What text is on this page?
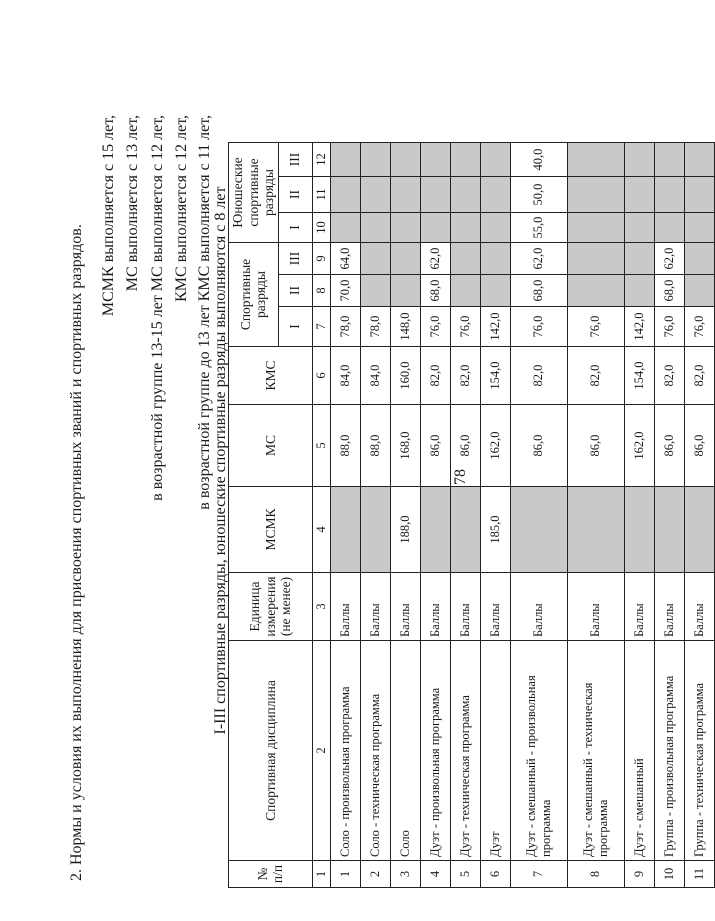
78
2. Нормы и условия их выполнения для присвоения спортивных званий и спортивных разрядов.
МСМК выполняется с 15 лет, МС выполняется с 13 лет, в возрастной группе 13-15 лет МС выполняется с 12 лет, КМС выполняется с 12 лет, в возрастной группе до 13 лет КМС выполняется с 11 лет, I-III спортивные разряды, юношеские спортивные разряды выполняются с 8 лет
№ п/п	Спортивная дисциплина	Единица измерения (не менее)	МСМК	МС	КМС	Спортивные разряды			Юношеские спортивные разряды		
						I	II	III	I	II	III
1	2	3	4	5	6	7	8	9	10	11	12
1	Соло - произвольная программа	Баллы		88,0	84,0	78,0	70,0	64,0			
2	Соло - техническая программа	Баллы		88,0	84,0	78,0					
3	Соло	Баллы	188,0	168,0	160,0	148,0					
4	Дуэт - произвольная программа	Баллы		86,0	82,0	76,0	68,0	62,0			
5	Дуэт - техническая программа	Баллы		86,0	82,0	76,0					
6	Дуэт	Баллы	185,0	162,0	154,0	142,0					
7	Дуэт - смешанный - произвольная программа	Баллы		86,0	82,0	76,0	68,0	62,0	55,0	50,0	40,0
8	Дуэт - смешанный - техническая программа	Баллы		86,0	82,0	76,0					
9	Дуэт - смешанный	Баллы		162,0	154,0	142,0					
10	Группа - произвольная программа	Баллы		86,0	82,0	76,0	68,0	62,0			
11	Группа - техническая программа	Баллы		86,0	82,0	76,0					
